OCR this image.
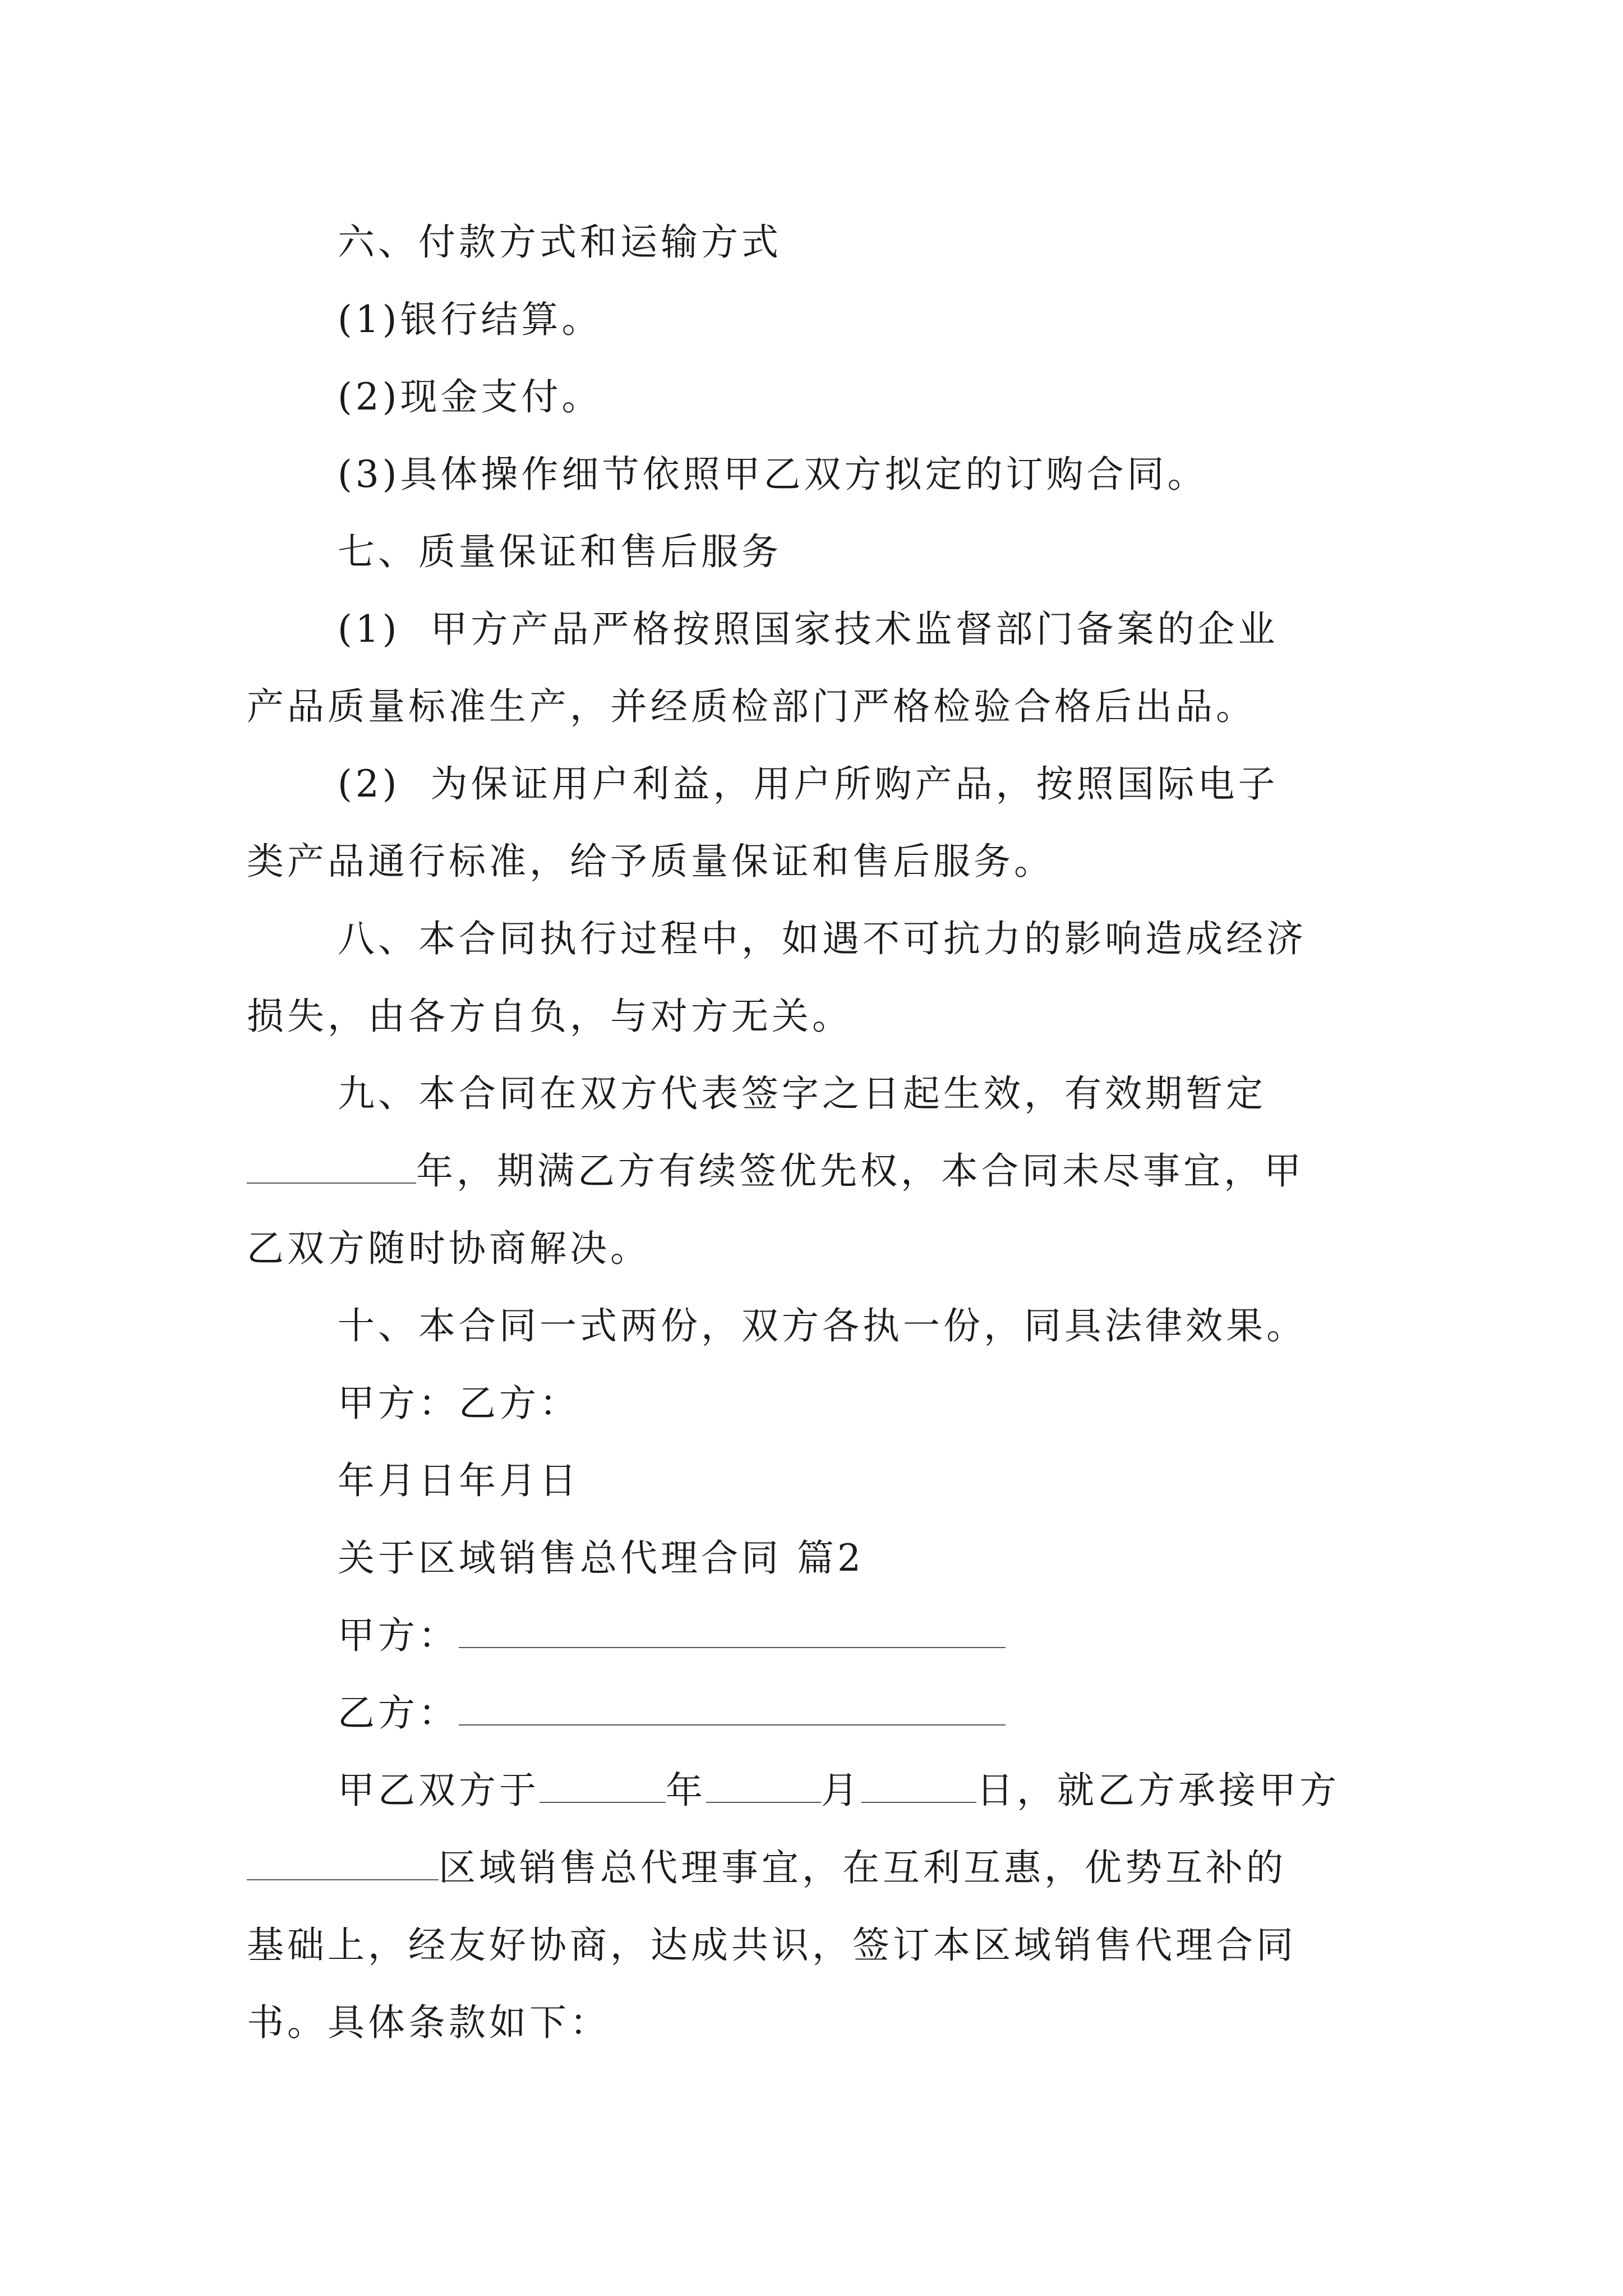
六、付款方式和运输方式
(1)银行结算。
(2)现金支付。
(3)具体操作细节依照甲乙双方拟定的订购合同。
七、质量保证和售后服务
(1)  甲方产品严格按照国家技术监督部门备案的企业
产品质量标准生产，并经质检部门严格检验合格后出品。
(2)  为保证用户利益，用户所购产品，按照国际电子
类产品通行标准，给予质量保证和售后服务。
八、本合同执行过程中，如遇不可抗力的影响造成经济
损失，由各方自负，与对方无关。
九、本合同在双方代表签字之日起生效，有效期暂定
年，期满乙方有续签优先权，本合同未尽事宜，甲
乙双方随时协商解决。
十、本合同一式两份，双方各执一份，同具法律效果。
甲方：乙方：
年月日年月日
关于区域销售总代理合同 篇2
甲方：
乙方：
甲乙双方于	年	月	日，就乙方承接甲方
区域销售总代理事宜，在互利互惠，优势互补的
基础上，经友好协商，达成共识，签订本区域销售代理合同
书。具体条款如下：
